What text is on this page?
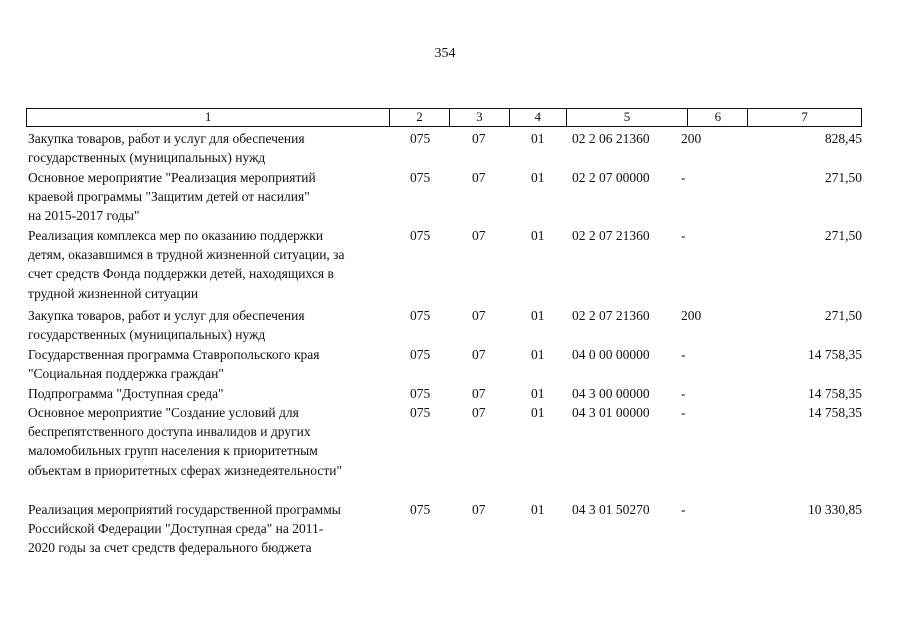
354
1	2	3	4	5	6	7
Закупка товаров, работ и услуг для обеспечения
государственных (муниципальных) нужд
075	07	01	02 2 06 21360	200	828,45
Основное мероприятие "Реализация мероприятий
краевой программы "Защитим детей от насилия"
на 2015-2017 годы"
075	07	01	02 2 07 00000	-	271,50
Реализация комплекса мер по оказанию поддержки
детям, оказавшимся в трудной жизненной ситуации, за
счет средств Фонда поддержки детей, находящихся в
трудной жизненной ситуации
075	07	01	02 2 07 21360	-	271,50
Закупка товаров, работ и услуг для обеспечения
государственных (муниципальных) нужд
075	07	01	02 2 07 21360	200	271,50
Государственная программа Ставропольского края
"Социальная поддержка граждан"
075	07	01	04 0 00 00000	-	14 758,35
Подпрограмма "Доступная среда"	075	07	01	04 3 00 00000	-	14 758,35
Основное мероприятие "Создание условий для
беспрепятственного доступа инвалидов и других
маломобильных групп населения к приоритетным
объектам в приоритетных сферах жизнедеятельности"
075	07	01	04 3 01 00000	-	14 758,35
Реализация мероприятий государственной программы
Российской Федерации "Доступная среда" на 2011-
2020 годы за счет средств федерального бюджета
075	07	01	04 3 01 50270	-	10 330,85
